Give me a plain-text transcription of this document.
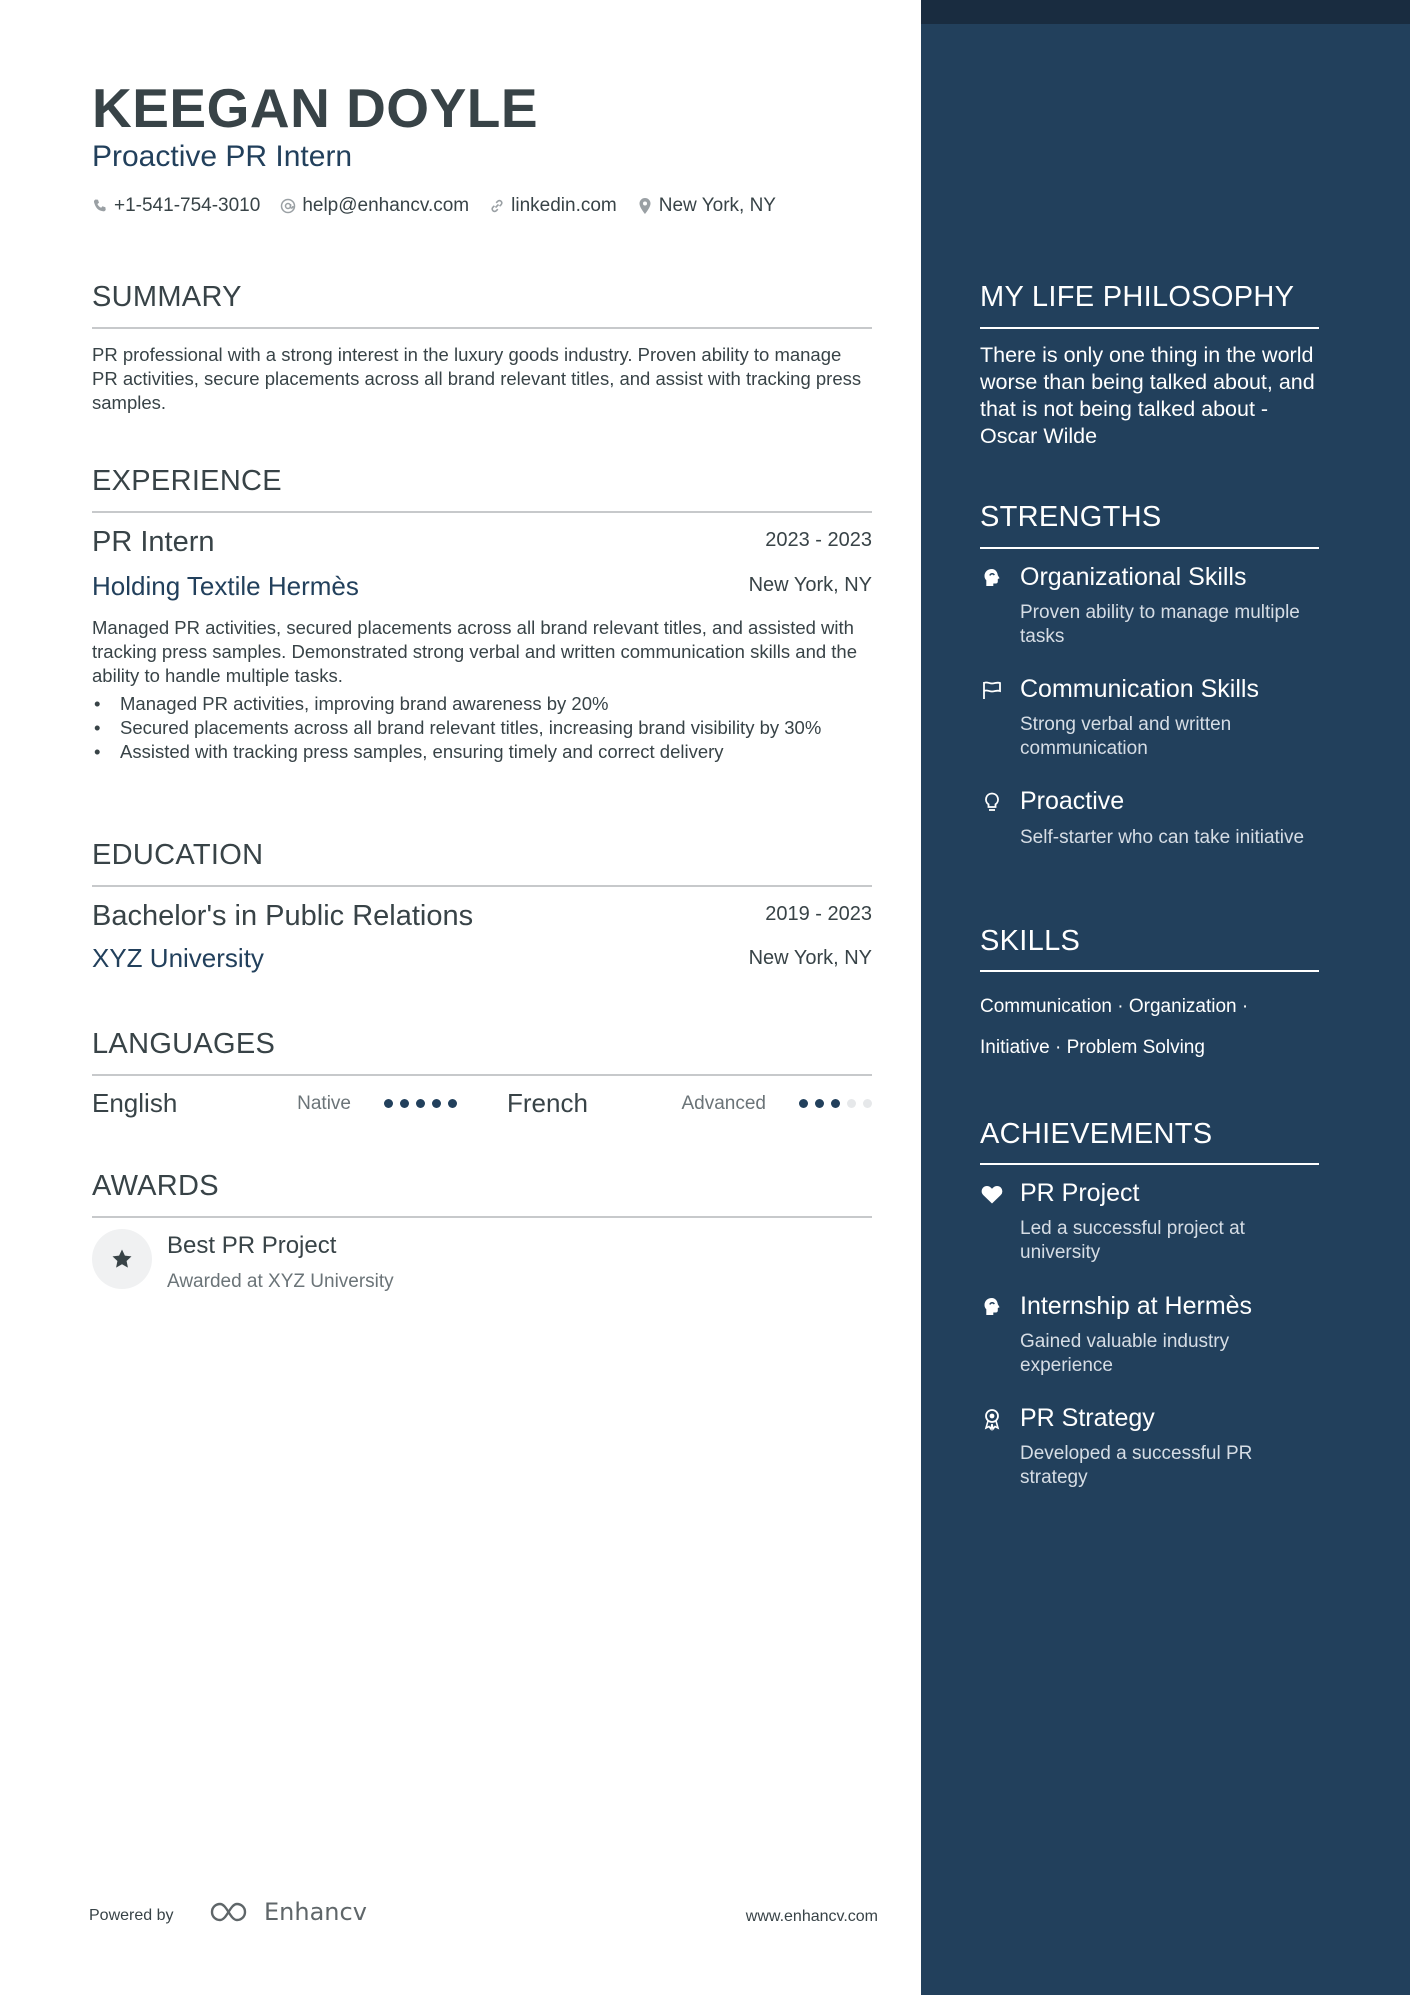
KEEGAN DOYLE
Proactive PR Intern
+1-541-754-3010 help@enhancv.com linkedin.com New York, NY
SUMMARY
PR professional with a strong interest in the luxury goods industry. Proven ability to manage PR activities, secure placements across all brand relevant titles, and assist with tracking press samples.
EXPERIENCE
PR Intern	2023 - 2023
Holding Textile Hermès	New York, NY
Managed PR activities, secured placements across all brand relevant titles, and assisted with tracking press samples. Demonstrated strong verbal and written communication skills and the ability to handle multiple tasks.
• Managed PR activities, improving brand awareness by 20%
• Secured placements across all brand relevant titles, increasing brand visibility by 30%
• Assisted with tracking press samples, ensuring timely and correct delivery
EDUCATION
Bachelor's in Public Relations	2019 - 2023
XYZ University	New York, NY
LANGUAGES
English	Native	French	Advanced
AWARDS
Best PR Project
Awarded at XYZ University
Powered by	Enhancv	www.enhancv.com
MY LIFE PHILOSOPHY
There is only one thing in the world worse than being talked about, and that is not being talked about - Oscar Wilde
STRENGTHS
Organizational Skills
Proven ability to manage multiple tasks
Communication Skills
Strong verbal and written communication
Proactive
Self-starter who can take initiative
SKILLS
Communication · Organization ·
Initiative · Problem Solving
ACHIEVEMENTS
PR Project
Led a successful project at university
Internship at Hermès
Gained valuable industry experience
PR Strategy
Developed a successful PR strategy
